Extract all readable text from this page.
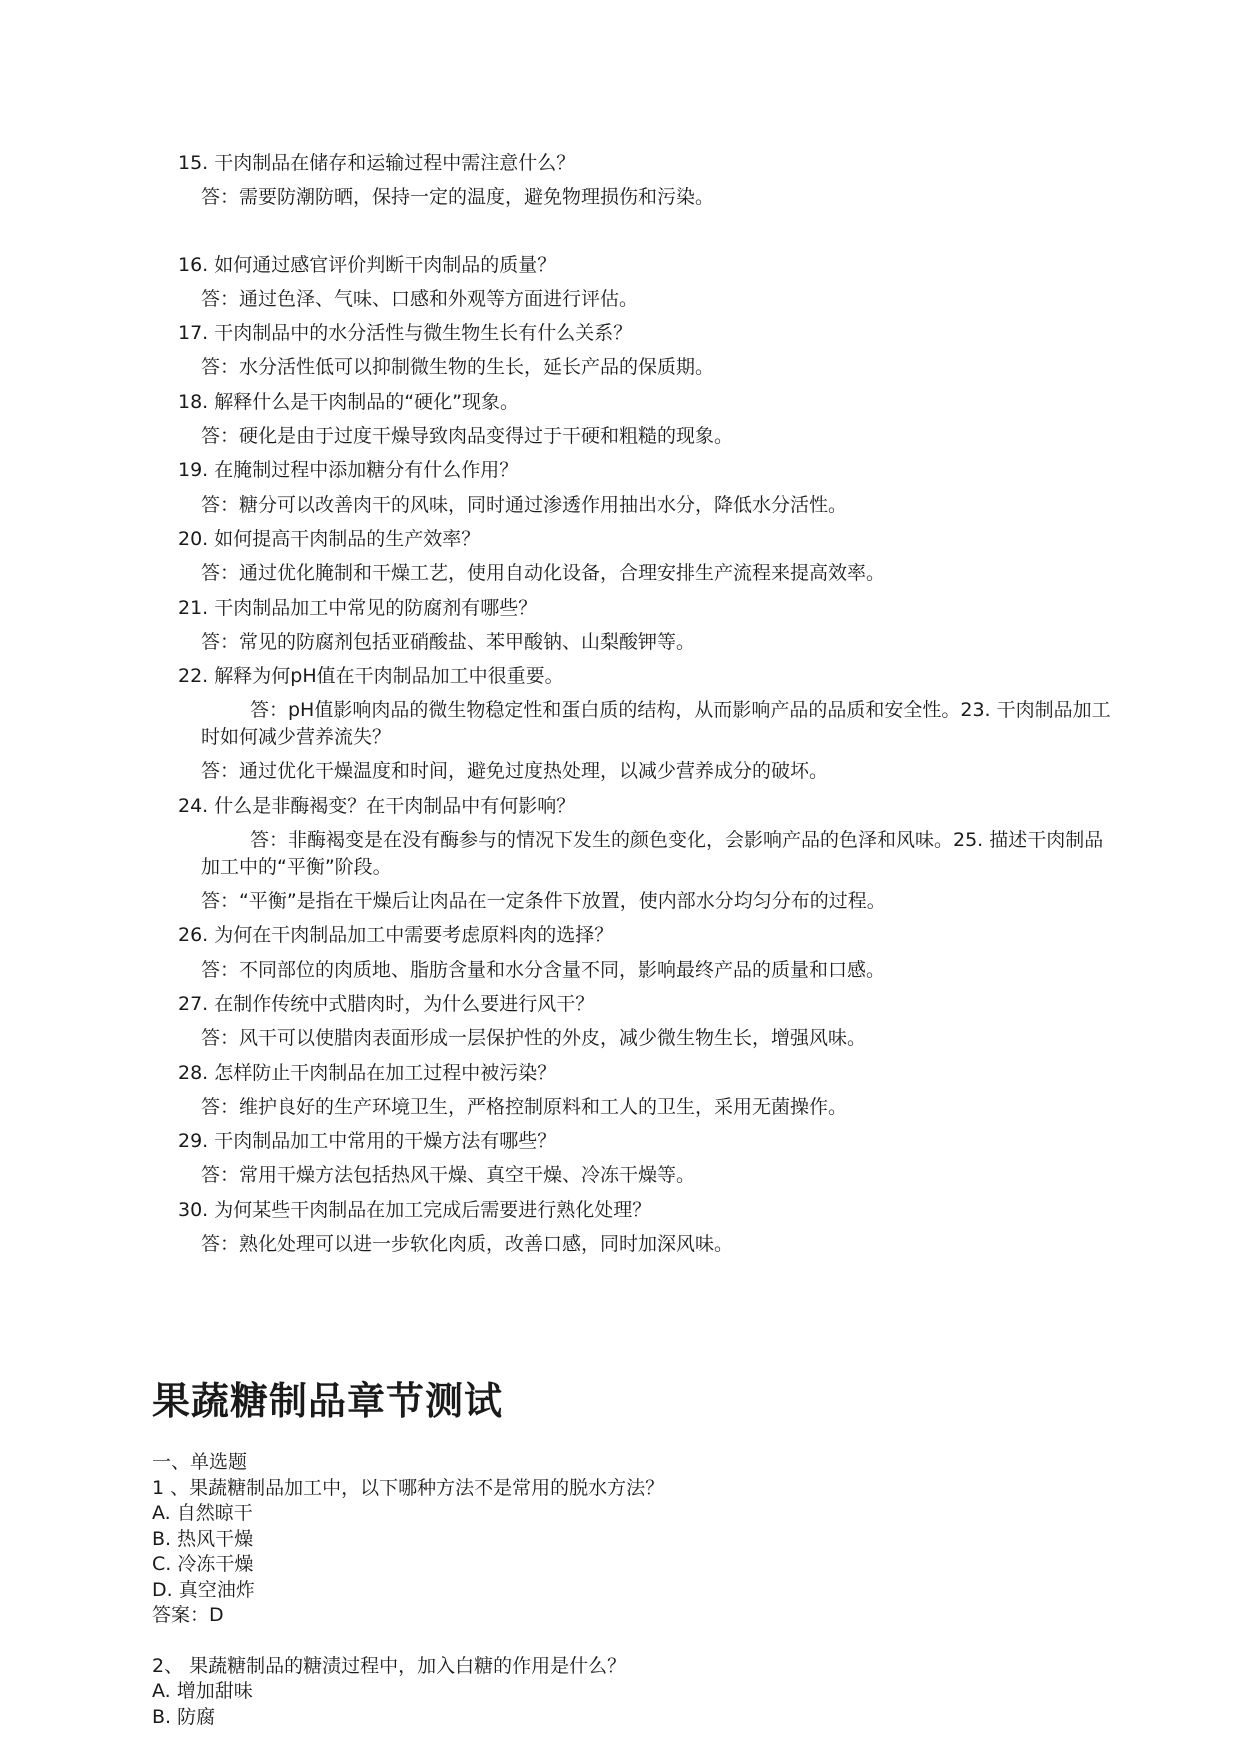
15. 干肉制品在储存和运输过程中需注意什么？
答：需要防潮防晒，保持一定的温度，避免物理损伤和污染。
16. 如何通过感官评价判断干肉制品的质量？
答：通过色泽、气味、口感和外观等方面进行评估。
17. 干肉制品中的水分活性与微生物生长有什么关系？
答：水分活性低可以抑制微生物的生长，延长产品的保质期。
18. 解释什么是干肉制品的“硬化”现象。
答：硬化是由于过度干燥导致肉品变得过于干硬和粗糙的现象。
19. 在腌制过程中添加糖分有什么作用？
答：糖分可以改善肉干的风味，同时通过渗透作用抽出水分，降低水分活性。
20. 如何提高干肉制品的生产效率？
答：通过优化腌制和干燥工艺，使用自动化设备，合理安排生产流程来提高效率。
21. 干肉制品加工中常见的防腐剂有哪些？
答：常见的防腐剂包括亚硝酸盐、苯甲酸钠、山梨酸钾等。
22. 解释为何pH值在干肉制品加工中很重要。
答：pH值影响肉品的微生物稳定性和蛋白质的结构，从而影响产品的品质和安全性。23. 干肉制品加工时如何减少营养流失？
答：通过优化干燥温度和时间，避免过度热处理，以减少营养成分的破坏。
24. 什么是非酶褐变？在干肉制品中有何影响？
答：非酶褐变是在没有酶参与的情况下发生的颜色变化，会影响产品的色泽和风味。25. 描述干肉制品加工中的“平衡”阶段。
答：“平衡”是指在干燥后让肉品在一定条件下放置，使内部水分均匀分布的过程。
26. 为何在干肉制品加工中需要考虑原料肉的选择？
答：不同部位的肉质地、脂肪含量和水分含量不同，影响最终产品的质量和口感。
27. 在制作传统中式腊肉时，为什么要进行风干？
答：风干可以使腊肉表面形成一层保护性的外皮，减少微生物生长，增强风味。
28. 怎样防止干肉制品在加工过程中被污染？
答：维护良好的生产环境卫生，严格控制原料和工人的卫生，采用无菌操作。
29. 干肉制品加工中常用的干燥方法有哪些？
答：常用干燥方法包括热风干燥、真空干燥、冷冻干燥等。
30. 为何某些干肉制品在加工完成后需要进行熟化处理？
答：熟化处理可以进一步软化肉质，改善口感，同时加深风味。
果蔬糖制品章节测试
一、单选题
1 、果蔬糖制品加工中，以下哪种方法不是常用的脱水方法？
A. 自然晾干
B. 热风干燥
C. 冷冻干燥
D. 真空油炸
答案：D
2、 果蔬糖制品的糖渍过程中，加入白糖的作用是什么？
A. 增加甜味
B. 防腐
